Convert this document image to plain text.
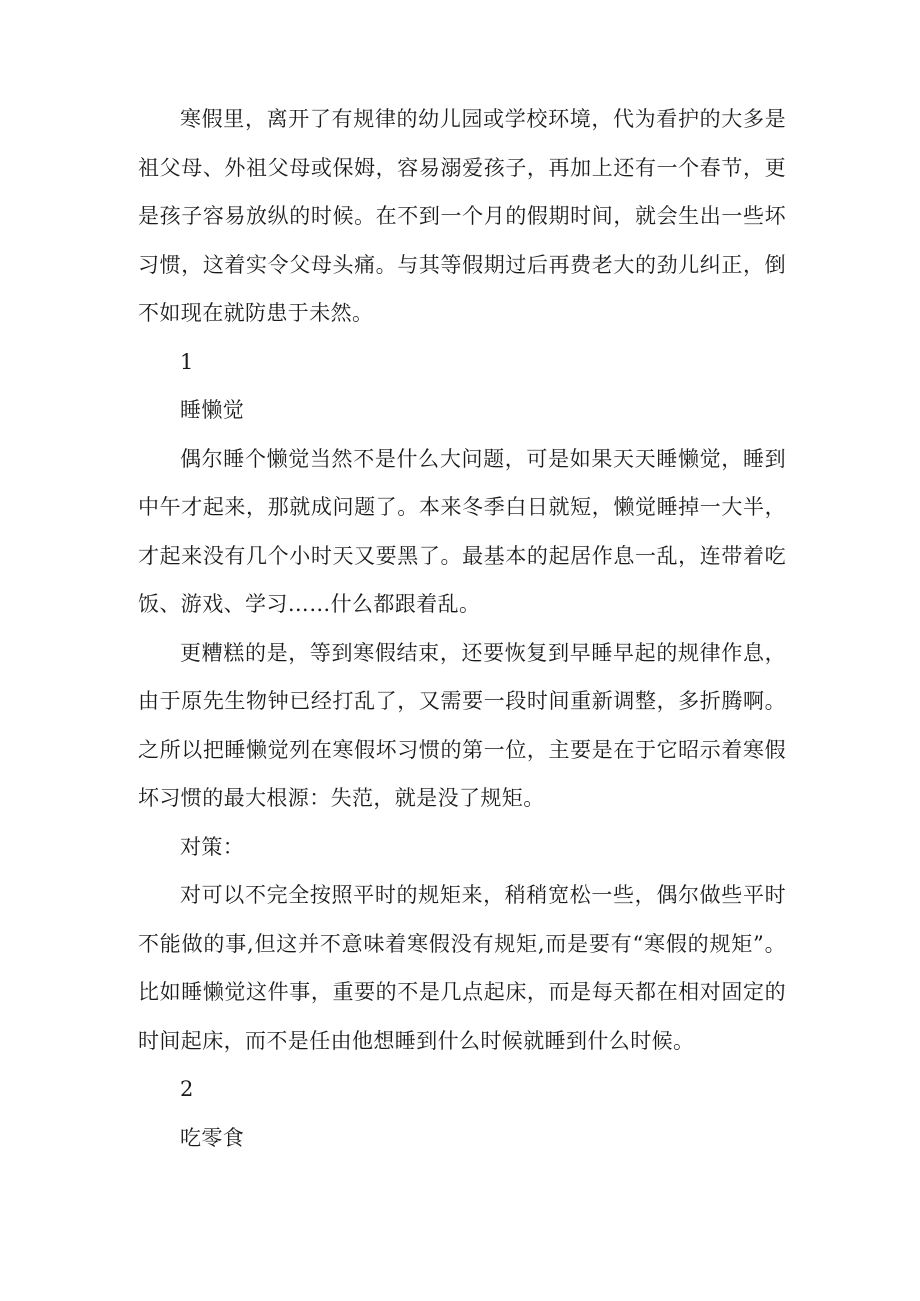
寒假里，离开了有规律的幼儿园或学校环境，代为看护的大多是祖父母、外祖父母或保姆，容易溺爱孩子，再加上还有一个春节，更是孩子容易放纵的时候。在不到一个月的假期时间，就会生出一些坏习惯，这着实令父母头痛。与其等假期过后再费老大的劲儿纠正，倒不如现在就防患于未然。

1

睡懒觉

偶尔睡个懒觉当然不是什么大问题，可是如果天天睡懒觉，睡到中午才起来，那就成问题了。本来冬季白日就短，懒觉睡掉一大半，才起来没有几个小时天又要黑了。最基本的起居作息一乱，连带着吃饭、游戏、学习……什么都跟着乱。

更糟糕的是，等到寒假结束，还要恢复到早睡早起的规律作息，由于原先生物钟已经打乱了，又需要一段时间重新调整，多折腾啊。之所以把睡懒觉列在寒假坏习惯的第一位，主要是在于它昭示着寒假坏习惯的最大根源：失范，就是没了规矩。

对策：

对可以不完全按照平时的规矩来，稍稍宽松一些，偶尔做些平时不能做的事,但这并不意味着寒假没有规矩,而是要有“寒假的规矩”。比如睡懒觉这件事，重要的不是几点起床，而是每天都在相对固定的时间起床，而不是任由他想睡到什么时候就睡到什么时候。

2

吃零食
